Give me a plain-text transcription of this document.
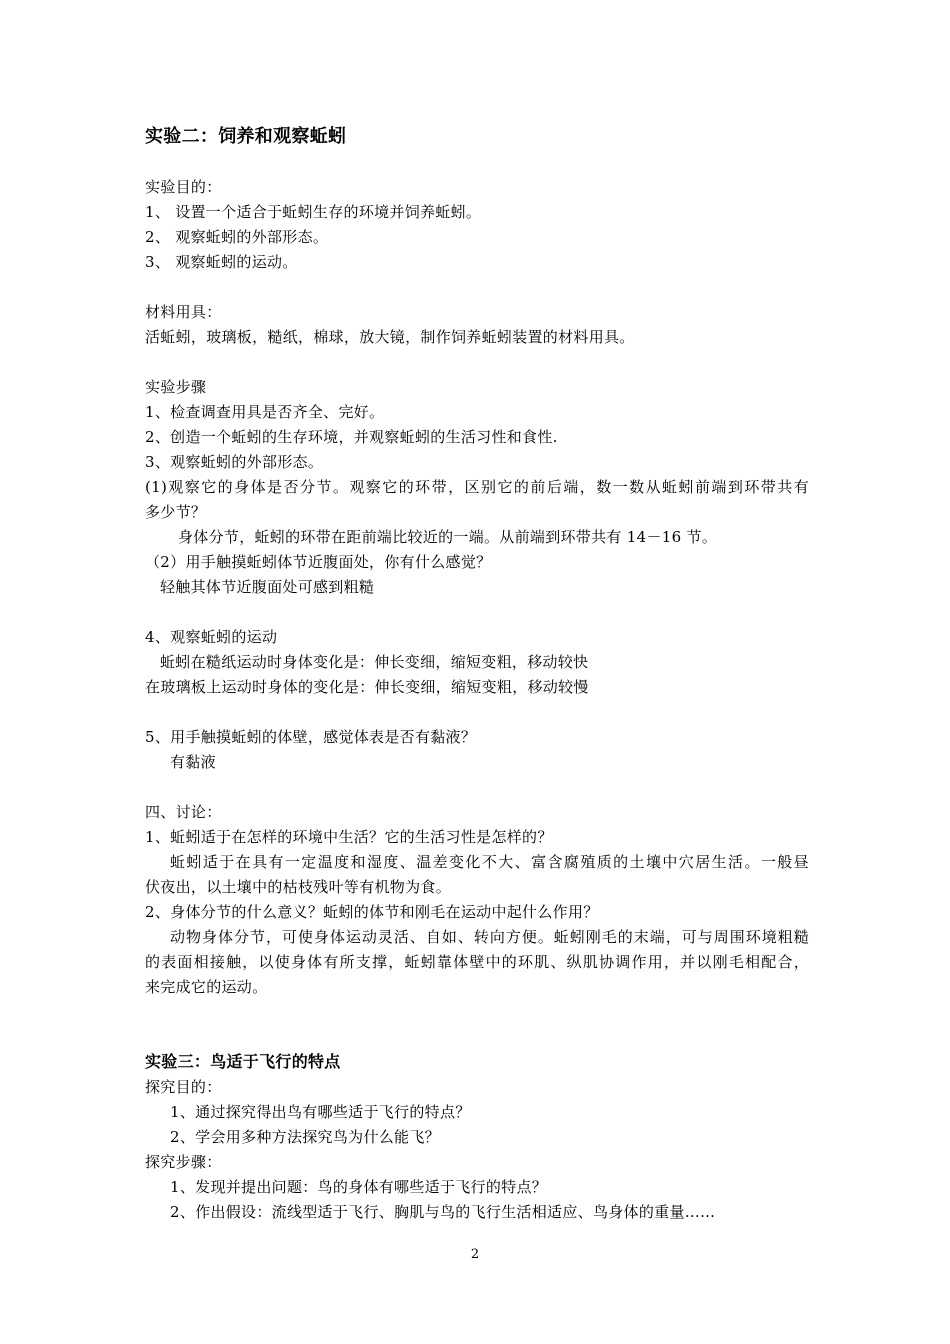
实验二：饲养和观察蚯蚓
实验目的：
1、 设置一个适合于蚯蚓生存的环境并饲养蚯蚓。
2、 观察蚯蚓的外部形态。
3、 观察蚯蚓的运动。
材料用具：
活蚯蚓，玻璃板，糙纸，棉球，放大镜，制作饲养蚯蚓装置的材料用具。
实验步骤
1、检查调查用具是否齐全、完好。
2、创造一个蚯蚓的生存环境，并观察蚯蚓的生活习性和食性.
3、观察蚯蚓的外部形态。
(1)观察它的身体是否分节。观察它的环带，区别它的前后端，数一数从蚯蚓前端到环带共有
多少节？
身体分节，蚯蚓的环带在距前端比较近的一端。从前端到环带共有 14－16 节。
（2）用手触摸蚯蚓体节近腹面处，你有什么感觉？
轻触其体节近腹面处可感到粗糙
4、观察蚯蚓的运动
蚯蚓在糙纸运动时身体变化是：伸长变细，缩短变粗，移动较快
在玻璃板上运动时身体的变化是：伸长变细，缩短变粗，移动较慢
5、用手触摸蚯蚓的体壁，感觉体表是否有黏液？
有黏液
四、讨论：
1、蚯蚓适于在怎样的环境中生活？它的生活习性是怎样的？
蚯蚓适于在具有一定温度和湿度、温差变化不大、富含腐殖质的土壤中穴居生活。一般昼
伏夜出，以土壤中的枯枝残叶等有机物为食。
2、身体分节的什么意义？蚯蚓的体节和刚毛在运动中起什么作用？
动物身体分节，可使身体运动灵活、自如、转向方便。蚯蚓刚毛的末端，可与周围环境粗糙
的表面相接触，以使身体有所支撑，蚯蚓靠体壁中的环肌、纵肌协调作用，并以刚毛相配合，
来完成它的运动。
实验三：鸟适于飞行的特点
探究目的：
1、通过探究得出鸟有哪些适于飞行的特点？
2、学会用多种方法探究鸟为什么能飞？
探究步骤：
1、发现并提出问题：鸟的身体有哪些适于飞行的特点？
2、作出假设：流线型适于飞行、胸肌与鸟的飞行生活相适应、鸟身体的重量……
2
